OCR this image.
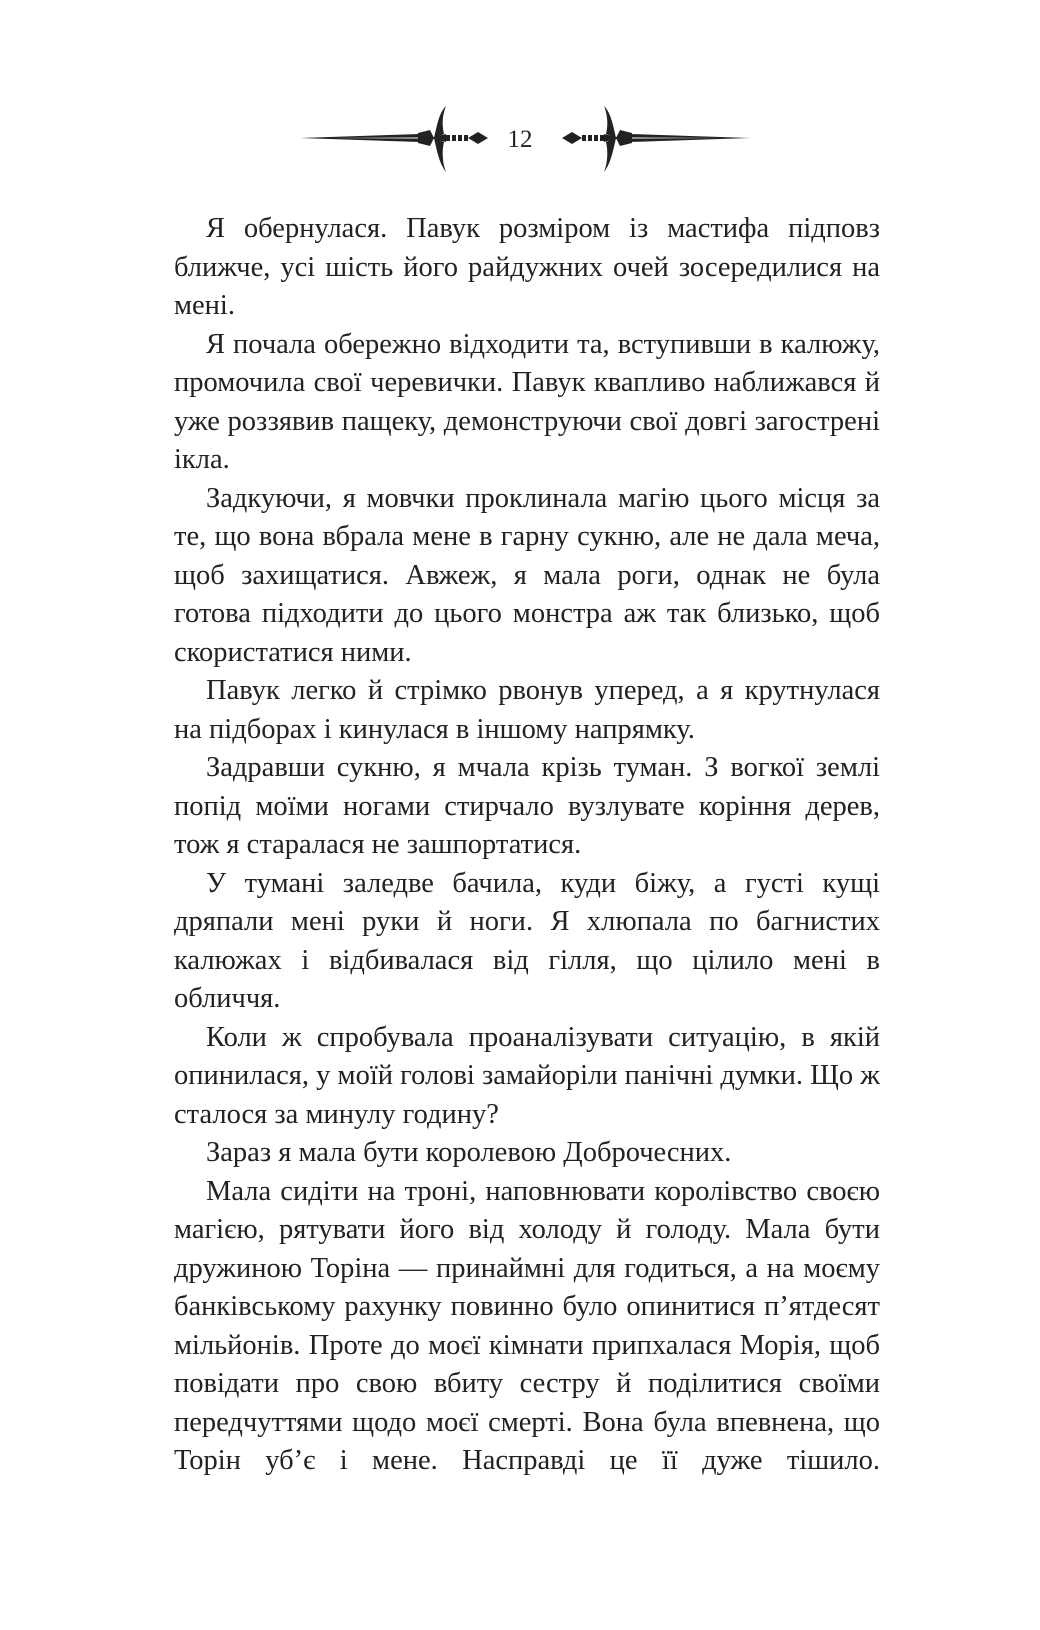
12

Я обернулася. Павук розміром із мастифа підповз ближче, усі шість його райдужних очей зосередилися на мені.

Я почала обережно відходити та, вступивши в калюжу, промочила свої черевички. Павук квапливо наближався й уже роззявив пащеку, демонструючи свої довгі загострені ікла.

Задкуючи, я мовчки проклинала магію цього місця за те, що вона вбрала мене в гарну сукню, але не дала меча, щоб захищатися. Авжеж, я мала роги, однак не була готова підходити до цього монстра аж так близько, щоб скористатися ними.

Павук легко й стрімко рвонув уперед, а я крутнулася на підборах і кинулася в іншому напрямку.

Задравши сукню, я мчала крізь туман. З вогкої землі попід моїми ногами стирчало вузлувате коріння дерев, тож я старалася не зашпортатися.

У тумані заледве бачила, куди біжу, а густі кущі дряпали мені руки й ноги. Я хлюпала по багнистих калюжах і відбивалася від гілля, що цілило мені в обличчя.

Коли ж спробувала проаналізувати ситуацію, в якій опинилася, у моїй голові замайоріли панічні думки. Що ж сталося за минулу годину?

Зараз я мала бути королевою Доброчесних.

Мала сидіти на троні, наповнювати королівство своєю магією, рятувати його від холоду й голоду. Мала бути дружиною Торіна — принаймні для годиться, а на моєму банківському рахунку повинно було опинитися п’ятдесят мільйонів. Проте до моєї кімнати припхалася Морія, щоб повідати про свою вбиту сестру й поділитися своїми передчуттями щодо моєї смерті. Вона була впевнена, що Торін уб’є і мене. Насправді це її дуже тішило.
